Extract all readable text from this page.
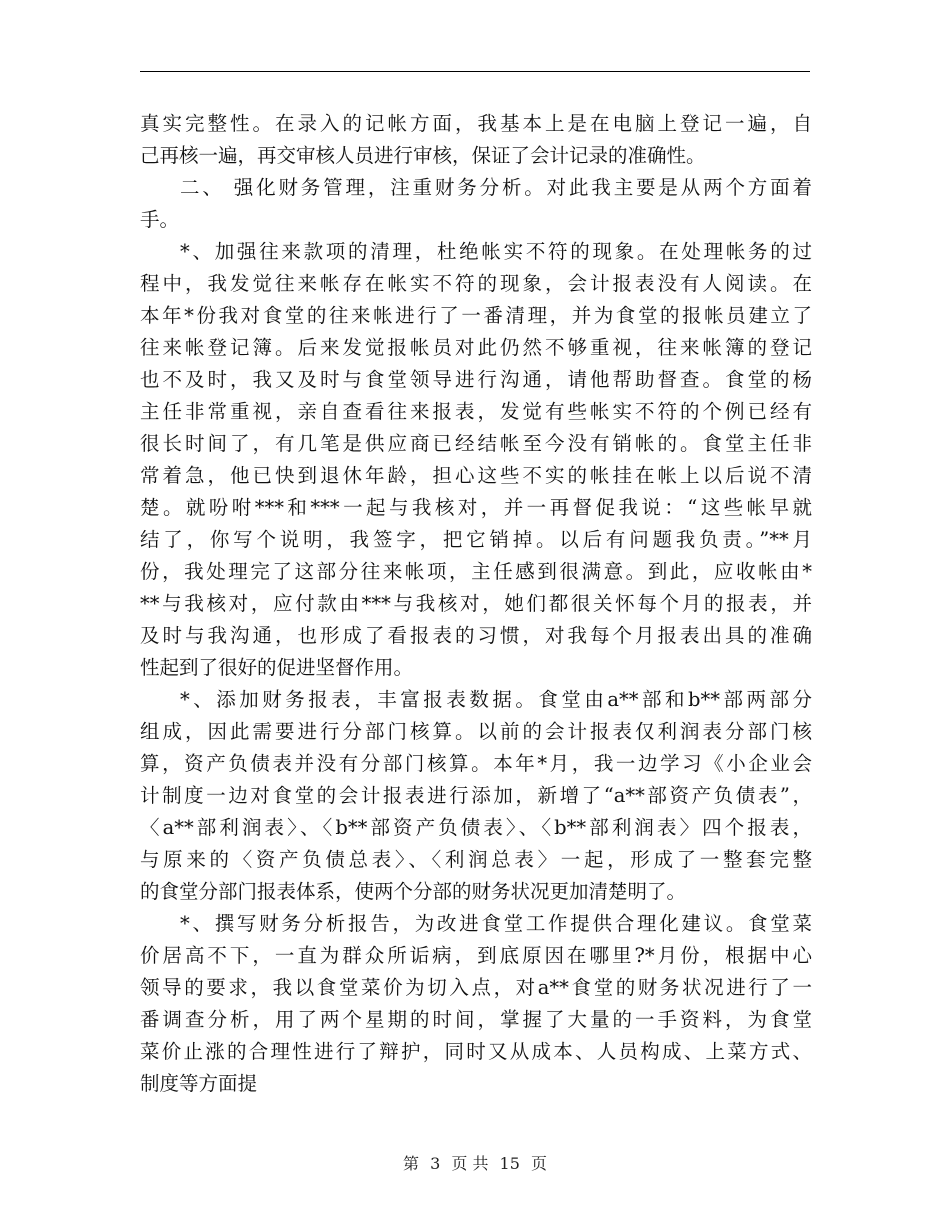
真实完整性。在录入的记帐方面，我基本上是在电脑上登记一遍，自
己再核一遍，再交审核人员进行审核，保证了会计记录的准确性。
二、 强化财务管理，注重财务分析。对此我主要是从两个方面着
手。
*、加强往来款项的清理，杜绝帐实不符的现象。在处理帐务的过
程中，我发觉往来帐存在帐实不符的现象，会计报表没有人阅读。在
本年*份我对食堂的往来帐进行了一番清理，并为食堂的报帐员建立了
往来帐登记簿。后来发觉报帐员对此仍然不够重视，往来帐簿的登记
也不及时，我又及时与食堂领导进行沟通，请他帮助督查。食堂的杨
主任非常重视，亲自查看往来报表，发觉有些帐实不符的个例已经有
很长时间了，有几笔是供应商已经结帐至今没有销帐的。食堂主任非
常着急，他已快到退休年龄，担心这些不实的帐挂在帐上以后说不清
楚。就吩咐***和***一起与我核对，并一再督促我说：“这些帐早就
结了，你写个说明，我签字，把它销掉。以后有问题我负责。”**月
份，我处理完了这部分往来帐项，主任感到很满意。到此，应收帐由*
**与我核对，应付款由***与我核对，她们都很关怀每个月的报表，并
及时与我沟通，也形成了看报表的习惯，对我每个月报表出具的准确
性起到了很好的促进坚督作用。
*、添加财务报表，丰富报表数据。食堂由a**部和b**部两部分
组成，因此需要进行分部门核算。以前的会计报表仅利润表分部门核
算，资产负债表并没有分部门核算。本年*月，我一边学习《小企业会
计制度一边对食堂的会计报表进行添加，新增了“a**部资产负债表”，
〈a**部利润表〉、〈b**部资产负债表〉、〈b**部利润表〉四个报表，
与原来的〈资产负债总表〉、〈利润总表〉一起，形成了一整套完整
的食堂分部门报表体系，使两个分部的财务状况更加清楚明了。
*、撰写财务分析报告，为改进食堂工作提供合理化建议。食堂菜
价居高不下，一直为群众所诟病，到底原因在哪里?*月份，根据中心
领导的要求，我以食堂菜价为切入点，对a**食堂的财务状况进行了一
番调查分析，用了两个星期的时间，掌握了大量的一手资料，为食堂
菜价止涨的合理性进行了辩护，同时又从成本、人员构成、上菜方式、
制度等方面提
第 3 页 共 15 页
